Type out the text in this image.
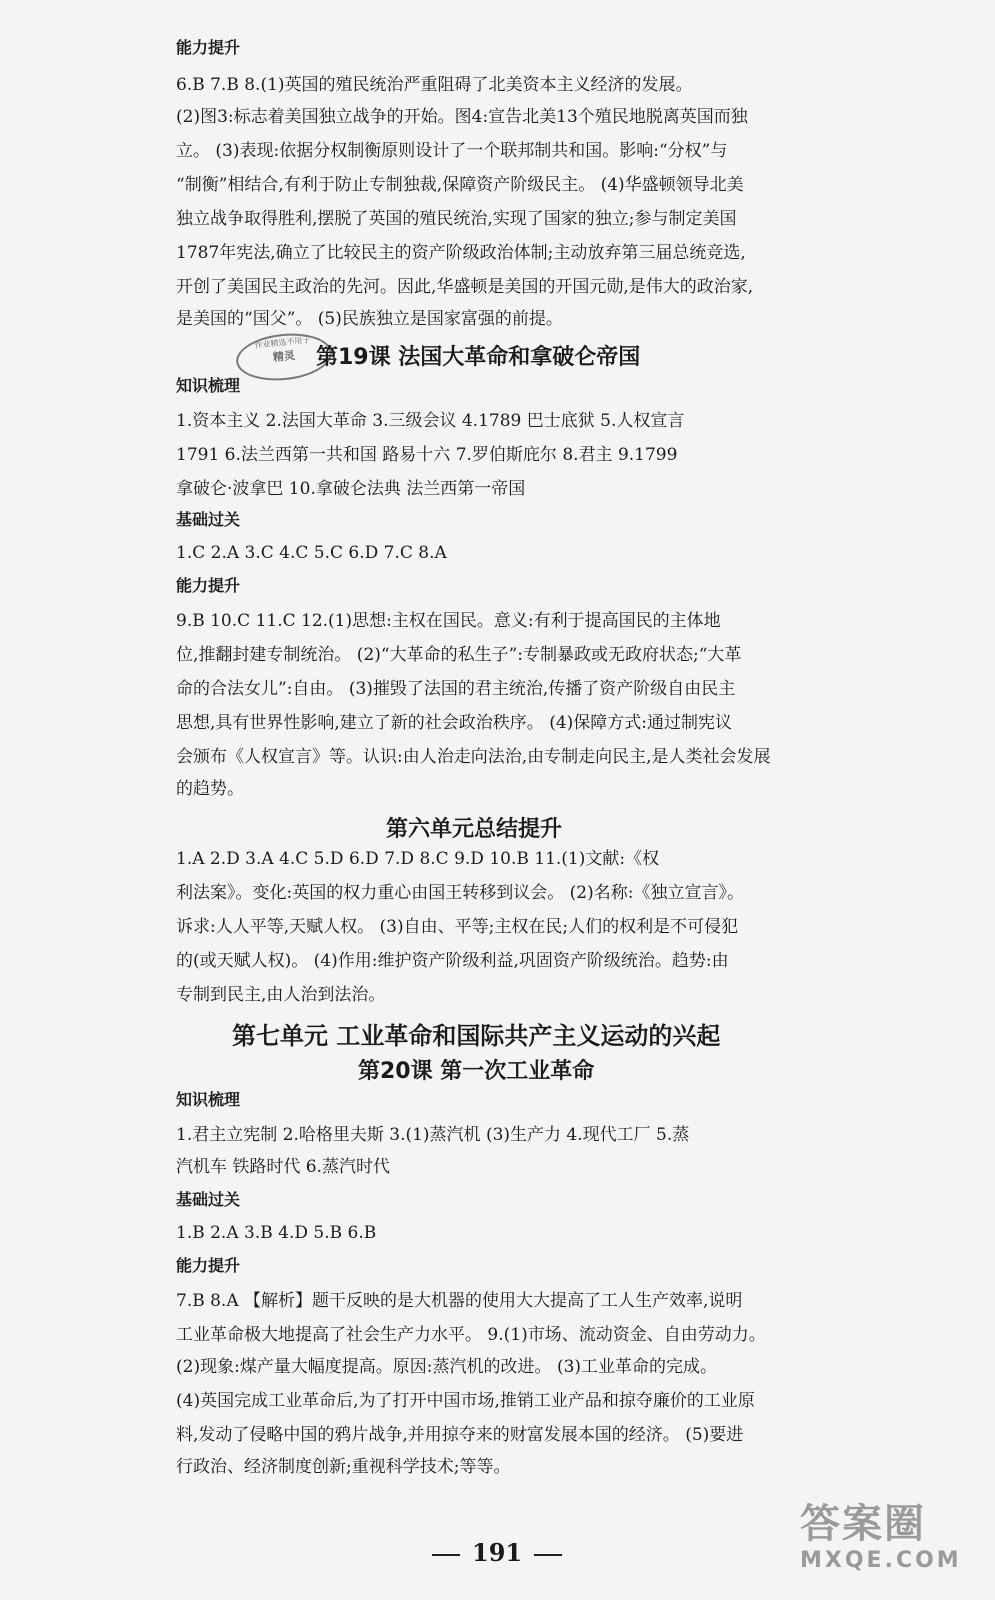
能力提升
6.B 7.B 8.(1)英国的殖民统治严重阻碍了北美资本主义经济的发展。
(2)图3:标志着美国独立战争的开始。图4:宣告北美13个殖民地脱离英国而独
立。 (3)表现:依据分权制衡原则设计了一个联邦制共和国。影响:“分权”与
“制衡”相结合,有利于防止专制独裁,保障资产阶级民主。 (4)华盛顿领导北美
独立战争取得胜利,摆脱了英国的殖民统治,实现了国家的独立;参与制定美国
1787年宪法,确立了比较民主的资产阶级政治体制;主动放弃第三届总统竞选,
开创了美国民主政治的先河。因此,华盛顿是美国的开国元勋,是伟大的政治家,
是美国的“国父”。 (5)民族独立是国家富强的前提。
作业精选不用子
精灵 第19课 法国大革命和拿破仑帝国
知识梳理
1.资本主义 2.法国大革命 3.三级会议 4.1789 巴士底狱 5.人权宣言
1791 6.法兰西第一共和国 路易十六 7.罗伯斯庇尔 8.君主 9.1799
拿破仑·波拿巴 10.拿破仑法典 法兰西第一帝国
基础过关
1.C 2.A 3.C 4.C 5.C 6.D 7.C 8.A
能力提升
9.B 10.C 11.C 12.(1)思想:主权在国民。意义:有利于提高国民的主体地
位,推翻封建专制统治。 (2)“大革命的私生子”:专制暴政或无政府状态;“大革
命的合法女儿”:自由。 (3)摧毁了法国的君主统治,传播了资产阶级自由民主
思想,具有世界性影响,建立了新的社会政治秩序。 (4)保障方式:通过制宪议
会颁布《人权宣言》等。认识:由人治走向法治,由专制走向民主,是人类社会发展
的趋势。
第六单元总结提升
1.A 2.D 3.A 4.C 5.D 6.D 7.D 8.C 9.D 10.B 11.(1)文献:《权
利法案》。变化:英国的权力重心由国王转移到议会。 (2)名称:《独立宣言》。
诉求:人人平等,天赋人权。 (3)自由、平等;主权在民;人们的权利是不可侵犯
的(或天赋人权)。 (4)作用:维护资产阶级利益,巩固资产阶级统治。趋势:由
专制到民主,由人治到法治。
第七单元 工业革命和国际共产主义运动的兴起
第20课 第一次工业革命
知识梳理
1.君主立宪制 2.哈格里夫斯 3.(1)蒸汽机 (3)生产力 4.现代工厂 5.蒸
汽机车 铁路时代 6.蒸汽时代
基础过关
1.B 2.A 3.B 4.D 5.B 6.B
能力提升
7.B 8.A 【解析】题干反映的是大机器的使用大大提高了工人生产效率,说明
工业革命极大地提高了社会生产力水平。 9.(1)市场、流动资金、自由劳动力。
(2)现象:煤产量大幅度提高。原因:蒸汽机的改进。 (3)工业革命的完成。
(4)英国完成工业革命后,为了打开中国市场,推销工业产品和掠夺廉价的工业原
料,发动了侵略中国的鸦片战争,并用掠夺来的财富发展本国的经济。 (5)要进
行政治、经济制度创新;重视科学技术;等等。
191
答案圈
MXQE.COM
